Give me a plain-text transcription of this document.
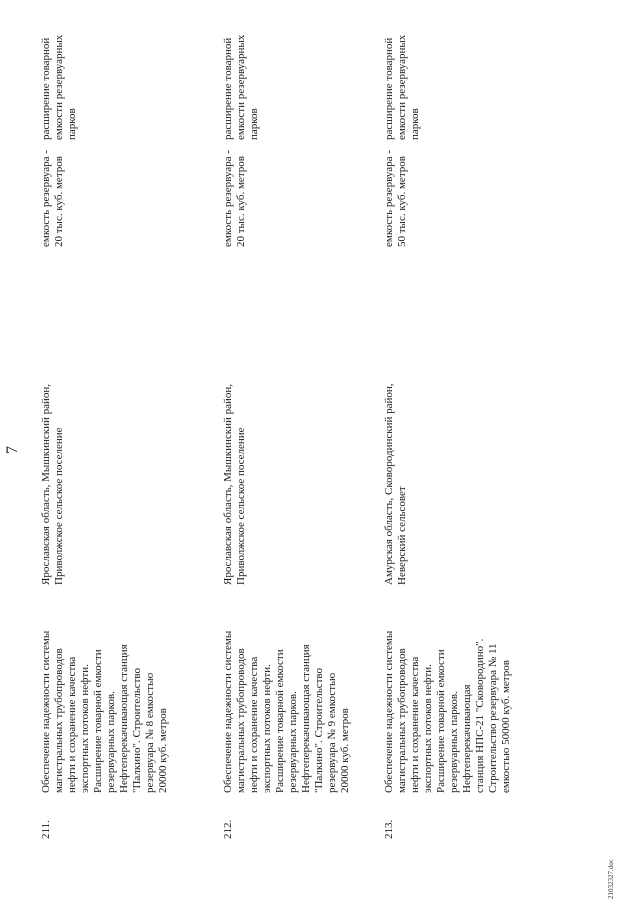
7
211.
Обеспечение надежности системы
магистральных трубопроводов
нефти и сохранение качества
экспортных потоков нефти.
Расширение товарной емкости
резервуарных парков.
Нефтеперекачивающая станция
"Палкино". Строительство
резервуара № 8 емкостью
20000 куб. метров
Ярославская область, Мышкинский район,
Приволжское сельское поселение
емкость резервуара -
20 тыс. куб. метров
расширение товарной
емкости резервуарных
парков
212.
Обеспечение надежности системы
магистральных трубопроводов
нефти и сохранение качества
экспортных потоков нефти.
Расширение товарной емкости
резервуарных парков.
Нефтеперекачивающая станция
"Палкино". Строительство
резервуара № 9 емкостью
20000 куб. метров
Ярославская область, Мышкинский район,
Приволжское сельское поселение
емкость резервуара -
20 тыс. куб. метров
расширение товарной
емкости резервуарных
парков
213.
Обеспечение надежности системы
магистральных трубопроводов
нефти и сохранение качества
экспортных потоков нефти.
Расширение товарной емкости
резервуарных парков.
Нефтеперекачивающая
станция НПС-21 "Сковородино".
Строительство резервуара № 11
емкостью 50000 куб. метров
Амурская область, Сковородинский район,
Неверский сельсовет
емкость резервуара -
50 тыс. куб. метров
расширение товарной
емкости резервуарных
парков
21032327.doc
